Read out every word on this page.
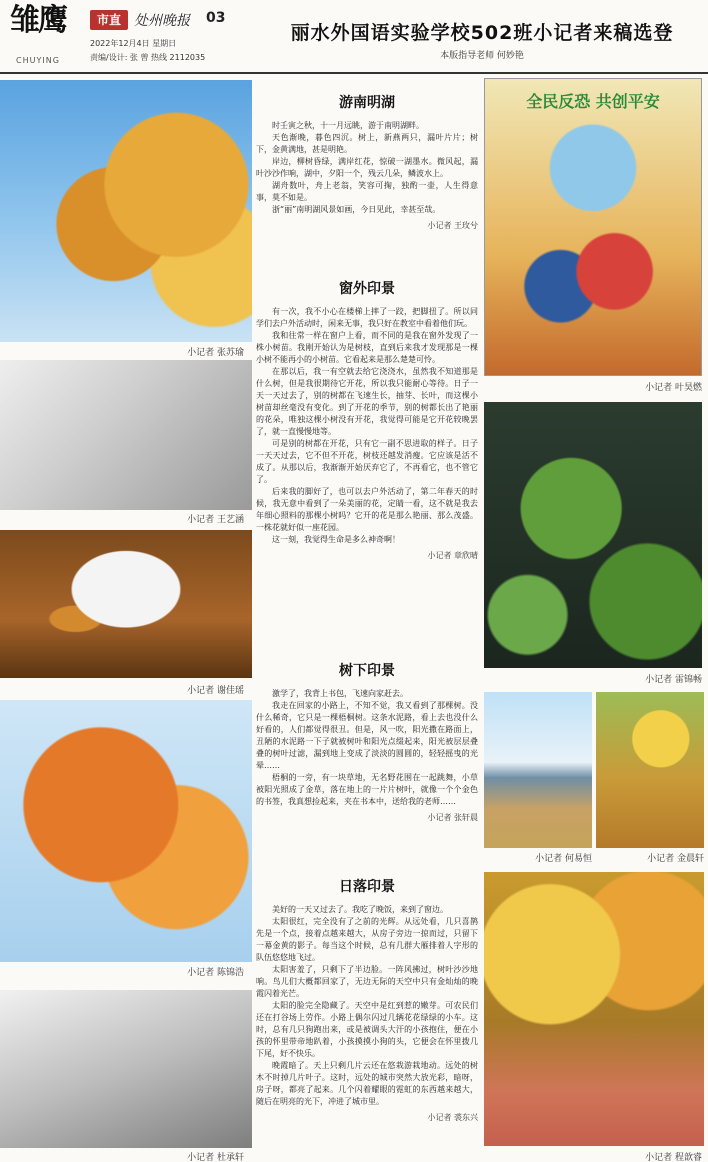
雏鹰
CHUYING
市直 处州晚报 03
2022年12月4日 星期日
责编/设计: 张 曾 热线 2112035
丽水外国语实验学校502班小记者来稿选登
本版指导老师 何妙艳
小记者 张苏瑜
小记者 王艺涵
小记者 谢佳瑶
小记者 陈锦浩
小记者 杜承轩
全民反恐 共创平安
小记者 叶昊燃
小记者 雷锦畅
小记者 何易恒	小记者 金晨轩
小记者 程歆睿
游南明湖

时壬寅之秋，十一月远眺，游于南明湖畔。

天色渐晚，暮色四沉。树上，新燕两只，漏叶片片；树下，金黄满地，甚是明艳。

岸边，柳树昏绿，满岸红花，惊破一湖墨水。微风起，漏叶沙沙作响，湖中，夕阳一个，残云几朵，鳞波水上。

湖舟数叶，舟上老翁，笑容可掬，独酌一壶，人生得意事，莫不如是。

浙“丽”南明湖风景如画，今日见此，幸甚至哉。

小记者 王玫兮
窗外印景

有一次，我不小心在楼梯上摔了一跤，把脚扭了。所以同学们去户外活动时，闲来无事，我只好在教室中看着他们玩。

我和往常一样在窗户上看，而不同的是我在窗外发现了一株小树苗。我刚开始认为是树枝，直到后来我才发现那是一棵小树不能再小的小树苗。它看起来是那么楚楚可怜。

在那以后，我一有空就去给它浇浇水，虽然我不知道那是什么树，但是我很期待它开花，所以我只能耐心等待。日子一天一天过去了，别的树都在飞速生长，抽芽、长叶，而这棵小树苗却丝毫没有变化。到了开花的季节，别的树都长出了艳丽的花朵，唯独这棵小树没有开花，我觉得可能是它开花较晚罢了，就一直慢慢地等。

可是别的树都在开花，只有它一副不思进取的样子。日子一天天过去，它不但不开花，树枝还越发消瘦。它应该是活不成了。从那以后，我渐渐开始厌弃它了，不再看它，也不管它了。

后来我的脚好了，也可以去户外活动了，第二年春天的时候，我无意中看到了一朵美丽的花，定睛一看，这不就是我去年细心照料的那棵小树吗？它开的花是那么艳丽、那么茂盛。一株花就好似一座花园。

这一刻，我觉得生命是多么神奇啊！

小记者 章欣晴
树下印景

激学了，我背上书包，飞速向家赶去。

我走在回家的小路上，不知不觉，我又看到了那棵树。没什么稀奇，它只是一棵梧桐树。这条水泥路，看上去也没什么好看的，人们都觉得很丑。但是，风一吹，阳光撒在路面上，丑陋的水泥路一下子就被树叶和阳光点缀起来，阳光被层层叠叠的树叶过滤，漏到地上变成了淡淡的圆圆的，轻轻摇曳的光晕……

梧桐的一旁，有一块草地，无名野花围在一起跳舞，小草被阳光照成了金草，落在地上的一片片树叶，就像一个个金色的书签，我真想捡起来，夹在书本中，送给我的老师……

小记者 张轩晨
日落印景

美好的一天又过去了。我吃了晚饭，来到了窗边。

太阳很红，完全没有了之前的光辉。从远处看，几只喜鹊先是一个点，接着点越来越大，从房子旁边一掠而过，只留下一幕金黄的影子。每当这个时候，总有几群大雁排着人字形的队伍悠悠地飞过。

太阳害羞了，只剩下了半边脸。一阵风拂过，树叶沙沙地响。鸟儿们大概都回家了，无边无际的天空中只有金灿灿的晚霞闪着光芒。

太阳的脸完全隐藏了。天空中是红到惹的嫩芽。可农民们还在打谷场上劳作。小路上偶尔闪过几辆花花绿绿的小车。这时，总有几只狗跑出来，或是被调头大汗的小孩抱住，便在小孩的怀里带帝地趴着，小孩摸摸小狗的头，它便会在怀里拨几下尾，好不快乐。

晚霞暗了。天上只剩几片云还在悠栽游栽地动。远处的树木不时掉几片叶子。这时，远处的城市突然大放光彩，暗呀，房子呀，都亮了起来。几个闪着耀眼的霓虹的东西越来越大，随后在明亮的光下，冲进了城市里。

小记者 裘东兴
